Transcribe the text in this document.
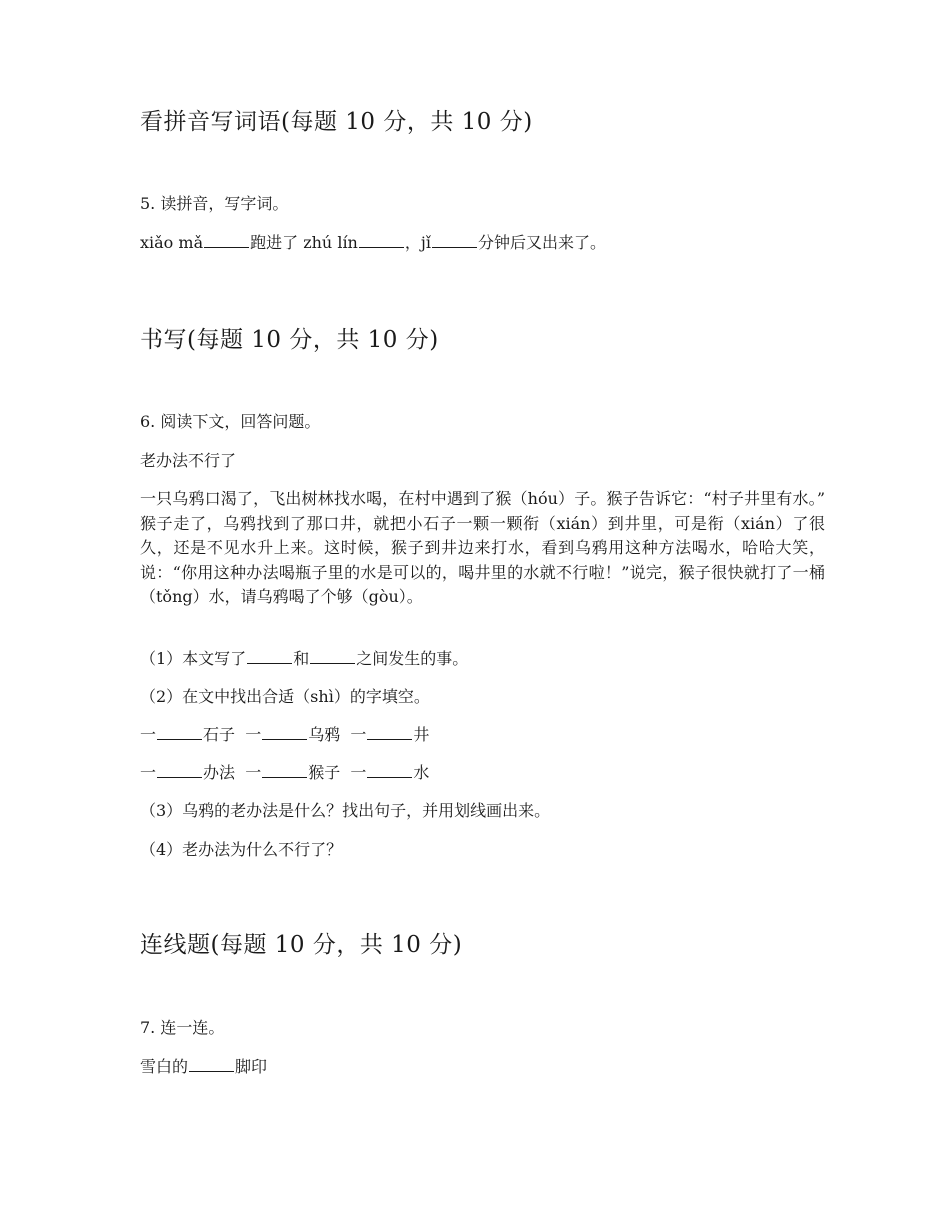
看拼音写词语(每题 10 分，共 10 分)
5. 读拼音，写字词。
xiǎo mǎ	跑进了 zhú lín	，jǐ	分钟后又出来了。
书写(每题 10 分，共 10 分)
6. 阅读下文，回答问题。
老办法不行了
一只乌鸦口渴了，飞出树林找水喝，在村中遇到了猴（hóu）子。猴子告诉它：“村子井里有水。” 猴子走了，乌鸦找到了那口井，就把小石子一颗一颗衔（xián）到井里，可是衔（xián）了很久，还是不见水升上来。这时候，猴子到井边来打水，看到乌鸦用这种方法喝水，哈哈大笑，说：“你用这种办法喝瓶子里的水是可以的，喝井里的水就不行啦！”说完，猴子很快就打了一桶（tǒng）水，请乌鸦喝了个够（gòu）。
（1）本文写了	和	之间发生的事。
（2）在文中找出合适（shì）的字填空。
一	石子  一	乌鸦  一	井
一	办法  一	猴子  一	水
（3）乌鸦的老办法是什么？找出句子，并用划线画出来。
（4）老办法为什么不行了？
连线题(每题 10 分，共 10 分)
7. 连一连。
雪白的	脚印
